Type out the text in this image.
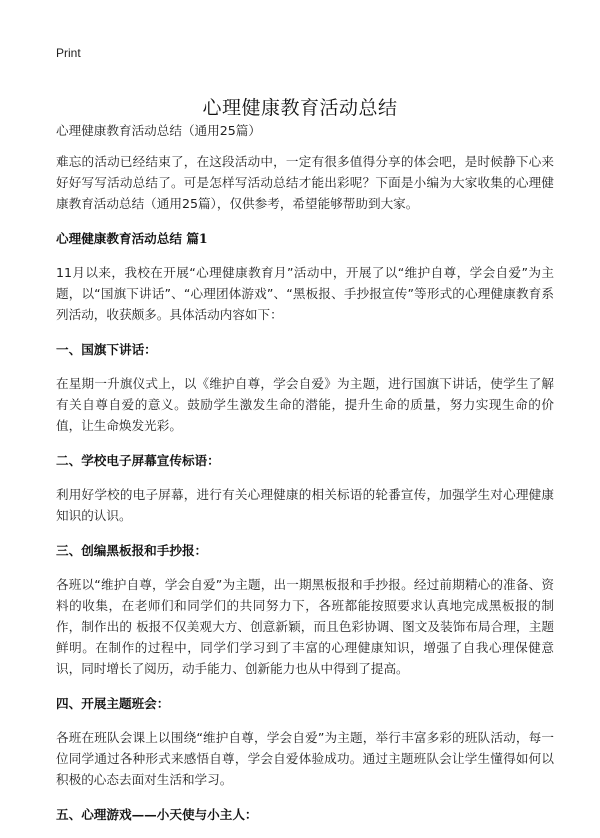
Print
心理健康教育活动总结

心理健康教育活动总结（通用25篇）

难忘的活动已经结束了，在这段活动中，一定有很多值得分享的体会吧，是时候静下心来好好写写活动总结了。可是怎样写活动总结才能出彩呢？下面是小编为大家收集的心理健康教育活动总结（通用25篇），仅供参考，希望能够帮助到大家。

心理健康教育活动总结 篇1

11月以来，我校在开展“心理健康教育月”活动中，开展了以“维护自尊，学会自爱”为主题，以“国旗下讲话”、“心理团体游戏”、“黑板报、手抄报宣传”等形式的心理健康教育系列活动，收获颇多。具体活动内容如下：

一、国旗下讲话：

在星期一升旗仪式上，以《维护自尊，学会自爱》为主题，进行国旗下讲话，使学生了解有关自尊自爱的意义。鼓励学生激发生命的潜能，提升生命的质量，努力实现生命的价值，让生命焕发光彩。

二、学校电子屏幕宣传标语：

利用好学校的电子屏幕，进行有关心理健康的相关标语的轮番宣传，加强学生对心理健康知识的认识。

三、创编黑板报和手抄报：

各班以“维护自尊，学会自爱”为主题，出一期黑板报和手抄报。经过前期精心的准备、资料的收集，在老师们和同学们的共同努力下，各班都能按照要求认真地完成黑板报的制作，制作出的 板报不仅美观大方、创意新颖，而且色彩协调、图文及装饰布局合理，主题鲜明。在制作的过程中，同学们学习到了丰富的心理健康知识，增强了自我心理保健意识，同时增长了阅历，动手能力、创新能力也从中得到了提高。

四、开展主题班会：

各班在班队会课上以围绕“维护自尊，学会自爱”为主题，举行丰富多彩的班队活动，每一位同学通过各种形式来感悟自尊，学会自爱体验成功。通过主题班队会让学生懂得如何以积极的心态去面对生活和学习。

五、心理游戏——小天使与小主人：
